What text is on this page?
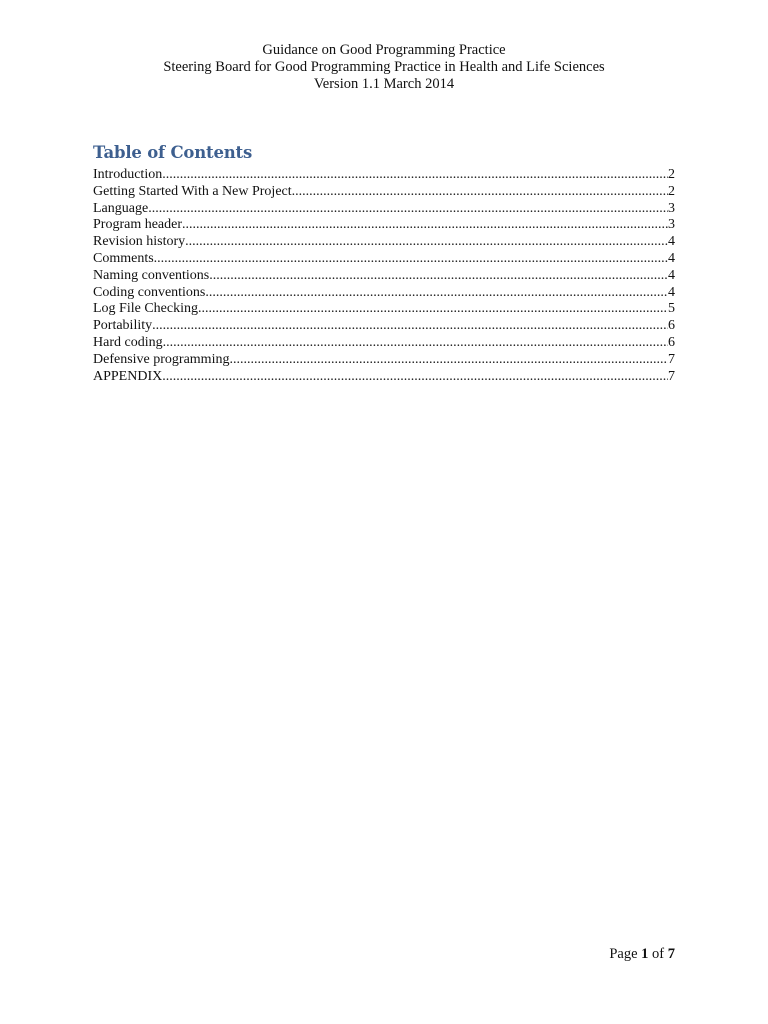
Guidance on Good Programming Practice
Steering Board for Good Programming Practice in Health and Life Sciences
Version 1.1 March 2014
Table of Contents
Introduction .....	2
Getting Started With a New Project .....	2
Language .....	3
Program header .....	3
Revision history .....	4
Comments .....	4
Naming conventions .....	4
Coding conventions .....	4
Log File Checking .....	5
Portability .....	6
Hard coding .....	6
Defensive programming .....	7
APPENDIX .....	7
Page 1 of 7
